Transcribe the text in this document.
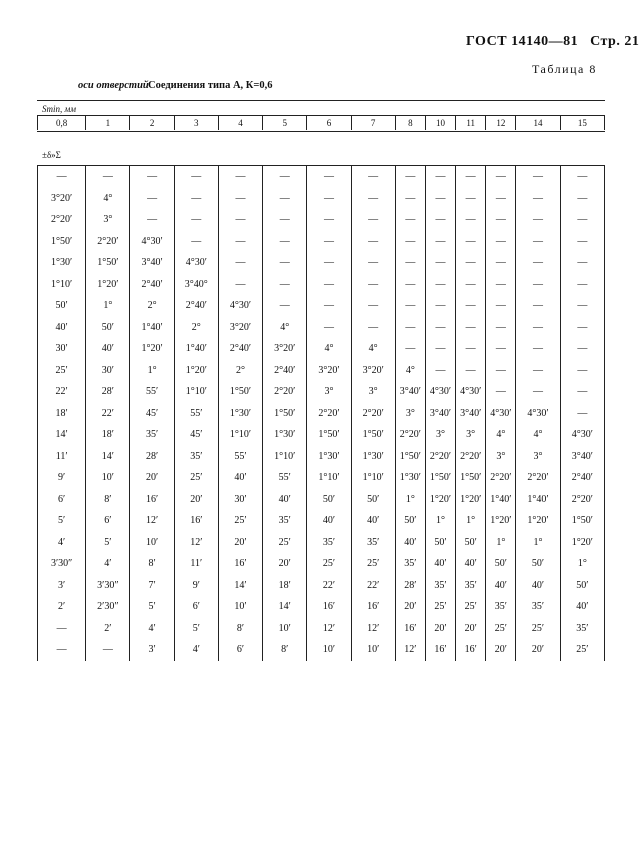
ГОСТ 14140—81 Стр. 21
Таблица 8
оси отверстий Соединения типа А, К=0,6
Smin, мм
0,8	1	2	3	4	5	6	7	8	10	11	12	14	15
±δ»Σ
—	—	—	—	—	—	—	—	—	—	—	—	—	—
3°20′	4°	—	—	—	—	—	—	—	—	—	—	—	—
2°20′	3°	—	—	—	—	—	—	—	—	—	—	—	—
1°50′	2°20′	4°30′	—	—	—	—	—	—	—	—	—	—	—
1°30′	1°50′	3°40′	4°30′	—	—	—	—	—	—	—	—	—	—
1°10′	1°20′	2°40′	3°40°	—	—	—	—	—	—	—	—	—	—
50′	1°	2°	2°40′	4°30′	—	—	—	—	—	—	—	—	—
40′	50′	1°40′	2°	3°20′	4°	—	—	—	—	—	—	—	—
30′	40′	1°20′	1°40′	2°40′	3°20′	4°	4°	—	—	—	—	—	—
25′	30′	1°	1°20′	2°	2°40′	3°20′	3°20′	4°	—	—	—	—	—
22′	28′	55′	1°10′	1°50′	2°20′	3°	3°	3°40′	4°30′	4°30′	—	—	—
18′	22′	45′	55′	1°30′	1°50′	2°20′	2°20′	3°	3°40′	3°40′	4°30′	4°30′	—
14′	18′	35′	45′	1°10′	1°30′	1°50′	1°50′	2°20′	3°	3°	4°	4°	4°30′
11′	14′	28′	35′	55′	1°10′	1°30′	1°30′	1°50′	2°20′	2°20′	3°	3°	3°40′
9′	10′	20′	25′	40′	55′	1°10′	1°10′	1°30′	1°50′	1°50′	2°20′	2°20′	2°40′
6′	8′	16′	20′	30′	40′	50′	50′	1°	1°20′	1°20′	1°40′	1°40′	2°20′
5′	6′	12′	16′	25′	35′	40′	40′	50′	1°	1°	1°20′	1°20′	1°50′
4′	5′	10′	12′	20′	25′	35′	35′	40′	50′	50′	1°	1°	1°20′
3′30″	4′	8′	11′	16′	20′	25′	25′	35′	40′	40′	50′	50′	1°
3′	3′30″	7′	9′	14′	18′	22′	22′	28′	35′	35′	40′	40′	50′
2′	2′30″	5′	6′	10′	14′	16′	16′	20′	25′	25′	35′	35′	40′
—	2′	4′	5′	8′	10′	12′	12′	16′	20′	20′	25′	25′	35′
—	—	3′	4′	6′	8′	10′	10′	12′	16′	16′	20′	20′	25′
